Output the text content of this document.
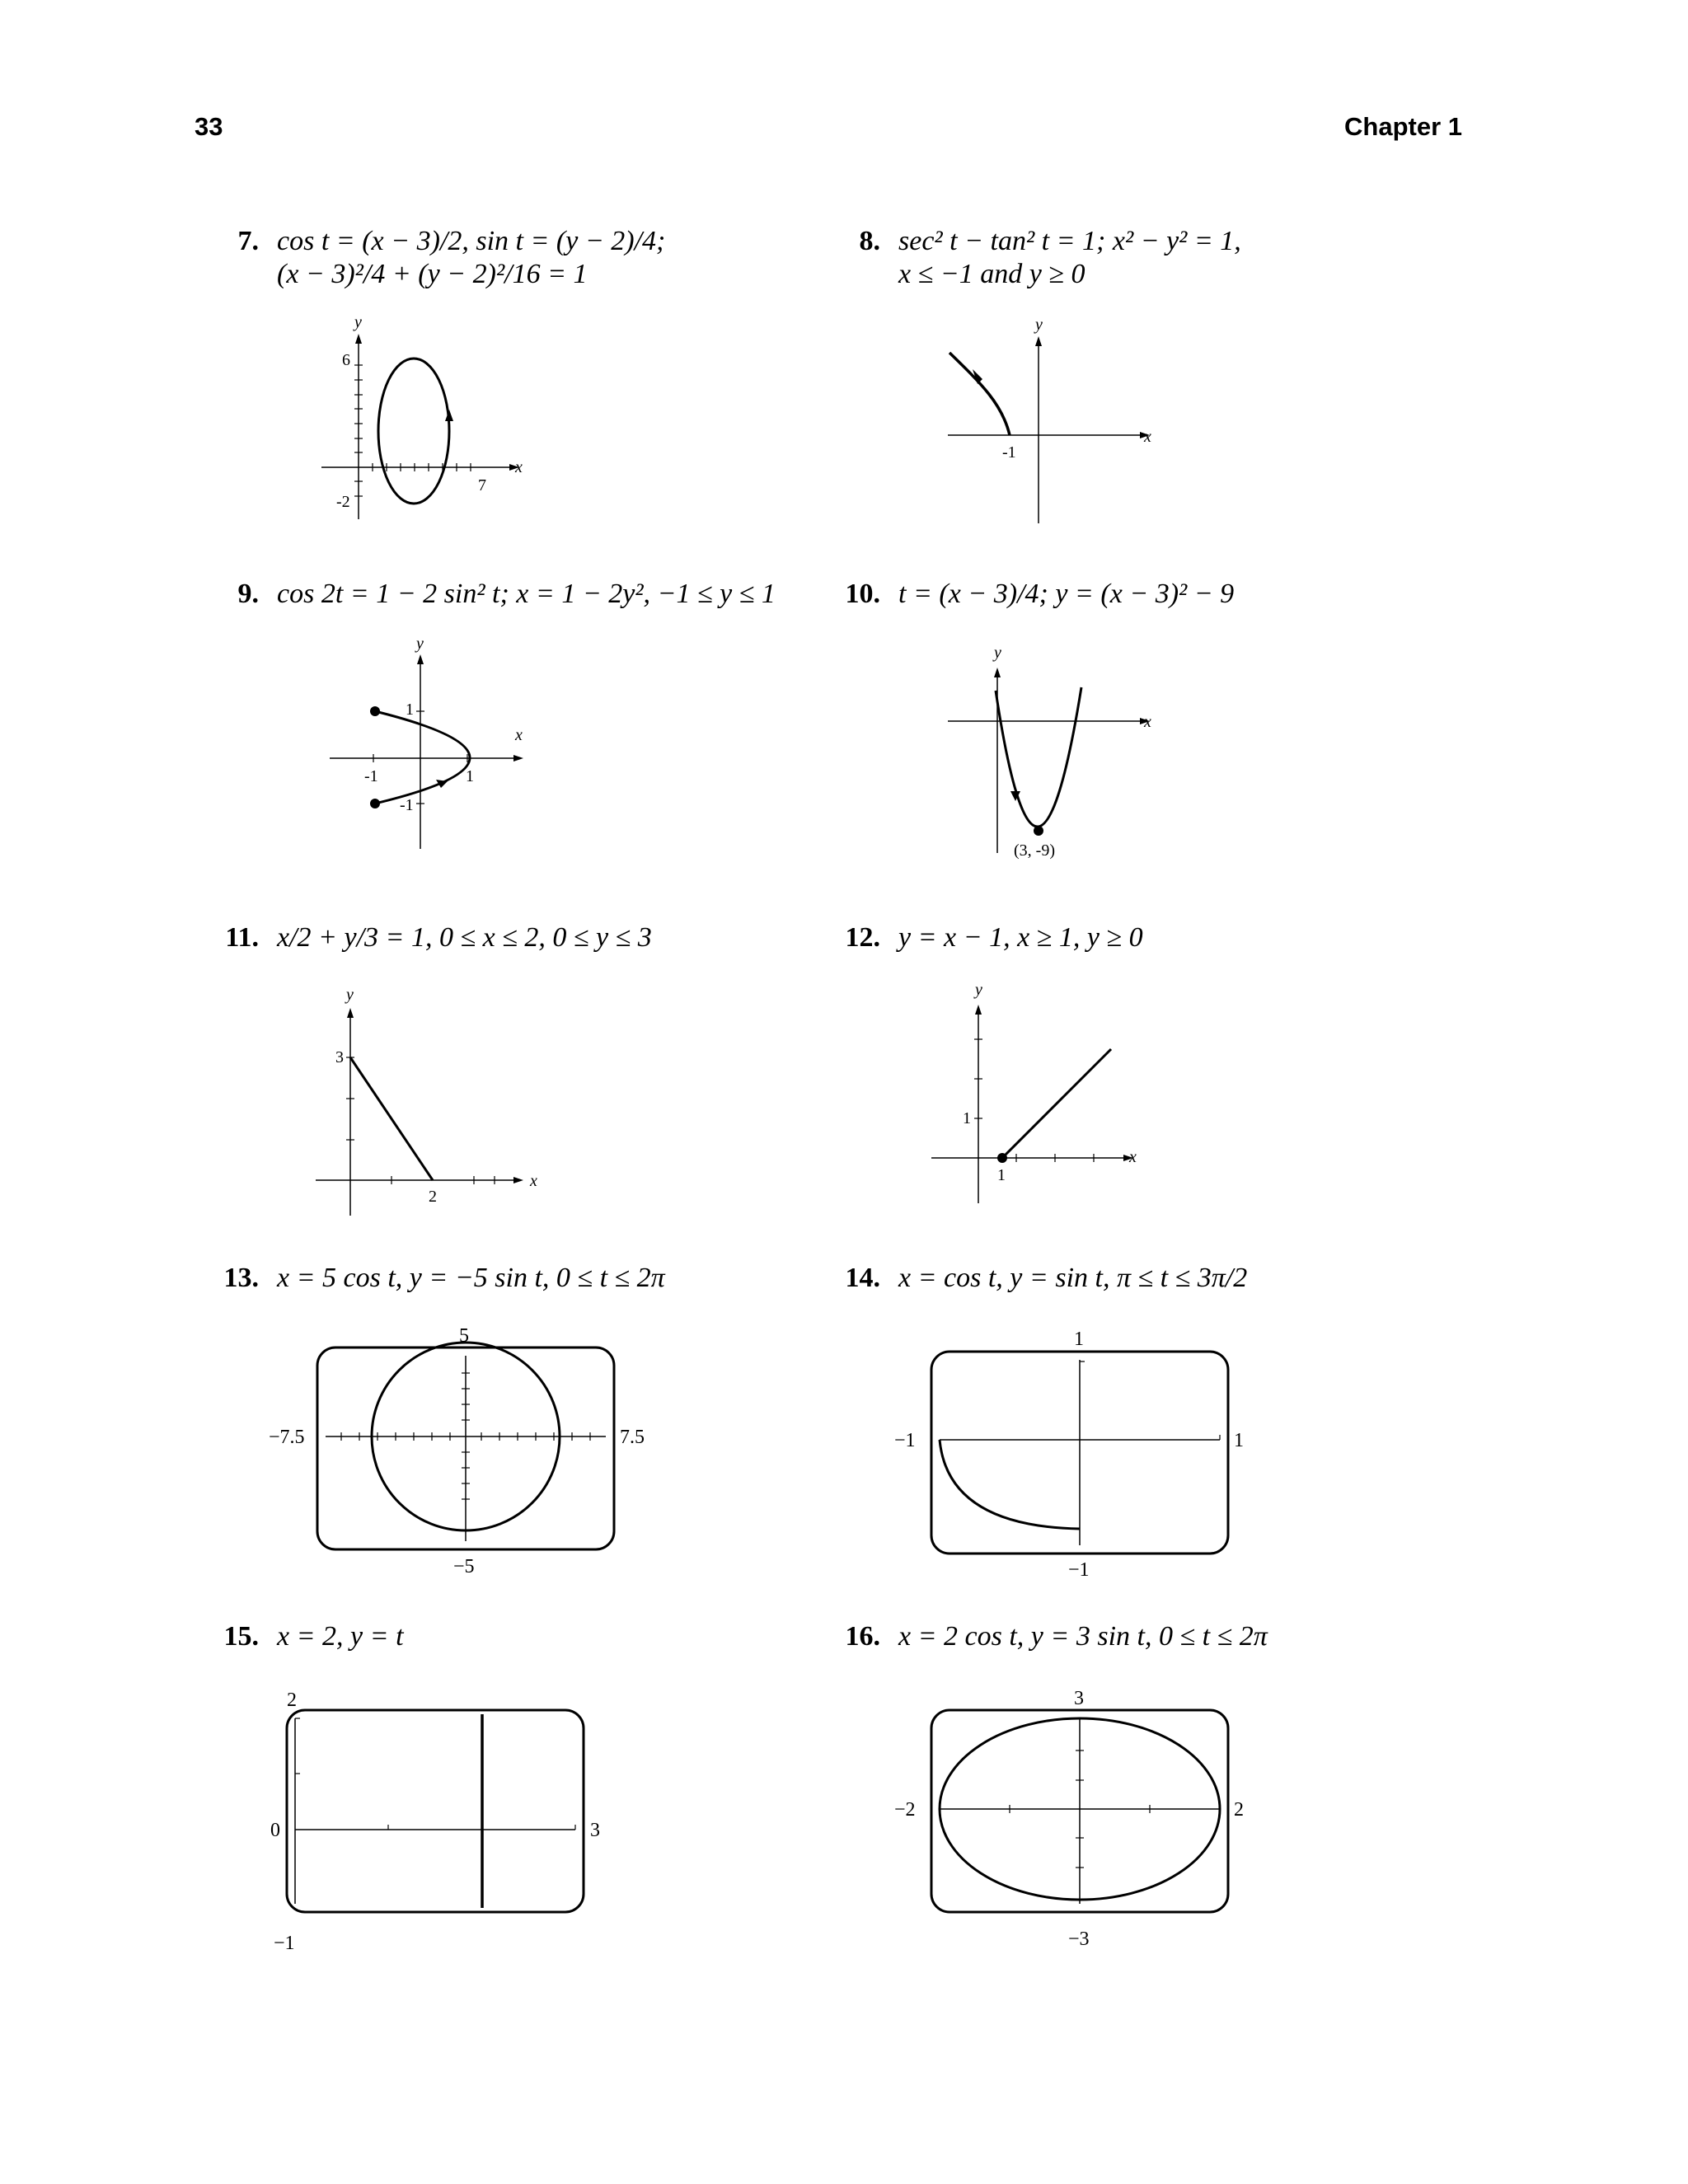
33	Chapter 1
7. cos t = (x − 3)/2, sin t = (y − 2)/4;
(x − 3)²/4 + (y − 2)²/16 = 1
y
x
6
7
-2
8. sec² t − tan² t = 1; x² − y² = 1,
x ≤ −1 and y ≥ 0
y
x
-1
9. cos 2t = 1 − 2 sin² t; x = 1 − 2y², −1 ≤ y ≤ 1
y
x
1
-1	1
-1
10. t = (x − 3)/4; y = (x − 3)² − 9
y
x
(3, -9)
11. x/2 + y/3 = 1, 0 ≤ x ≤ 2, 0 ≤ y ≤ 3
y
x
3
2
12. y = x − 1, x ≥ 1, y ≥ 0
y
x
1
1
13. x = 5 cos t, y = −5 sin t, 0 ≤ t ≤ 2π
5
−5
−7.5	7.5
14. x = cos t, y = sin t, π ≤ t ≤ 3π/2
1
−1
−1	1
15. x = 2, y = t
2
−1
0	3
16. x = 2 cos t, y = 3 sin t, 0 ≤ t ≤ 2π
3
−3
−2	2
